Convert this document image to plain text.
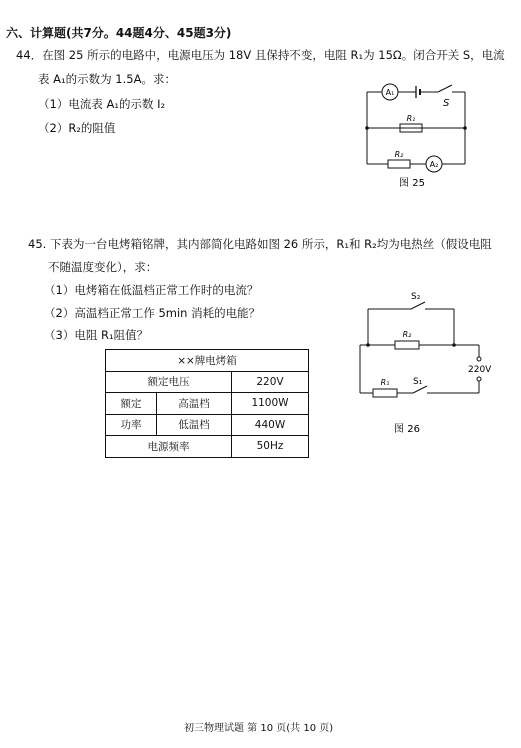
六、计算题(共7分。44题4分、45题3分)
44．在图 25 所示的电路中，电源电压为 18V 且保持不变，电阻 R₁为 15Ω。闭合开关 S，电流
表 A₁的示数为 1.5A。求：
（1）电流表 A₁的示数 I₂
（2）R₂的阻值
A₁
S
R₁
R₂
A₂
图 25
45. 下表为一台电烤箱铭牌，其内部简化电路如图 26 所示，R₁和 R₂均为电热丝（假设电阻
不随温度变化），求：
（1）电烤箱在低温档正常工作时的电流？
（2）高温档正常工作 5min 消耗的电能？
（3）电阻 R₁阻值？
××牌电烤箱		
额定电压		220V
额定	高温档	1100W
功率	低温档	440W
电源频率		50Hz
S₂
R₂
R₁	S₁
220V
图 26
初三物理试题 第 10 页(共 10 页)
